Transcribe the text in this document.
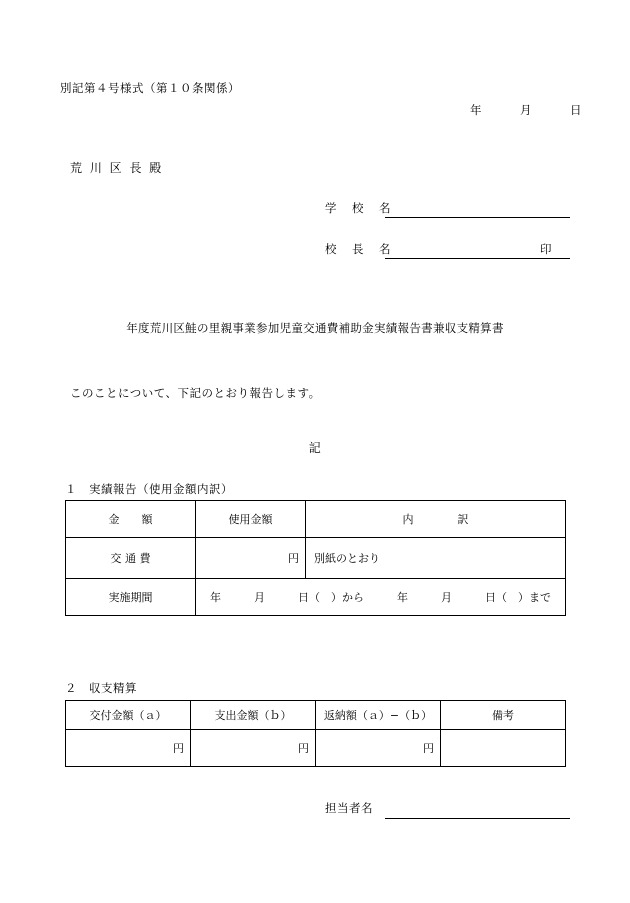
別記第４号様式（第１０条関係）
年　　　月　　　日
荒 川 区 長 殿
学　校　名
校　長　名	印
年度荒川区鮭の里親事業参加児童交通費補助金実績報告書兼収支精算書
このことについて、下記のとおり報告します。
記
１　実績報告（使用金額内訳）
金　　額	使用金額	内　　　　訳
交 通 費	円	別紙のとおり
実施期間	年　　　月　　　日（　）から　　　年　　　月　　　日（　）まで	
２　収支精算
交付金額（ａ）	支出金額（ｂ）	返納額（ａ）−（ｂ）	備考
円	円	円	
担当者名
